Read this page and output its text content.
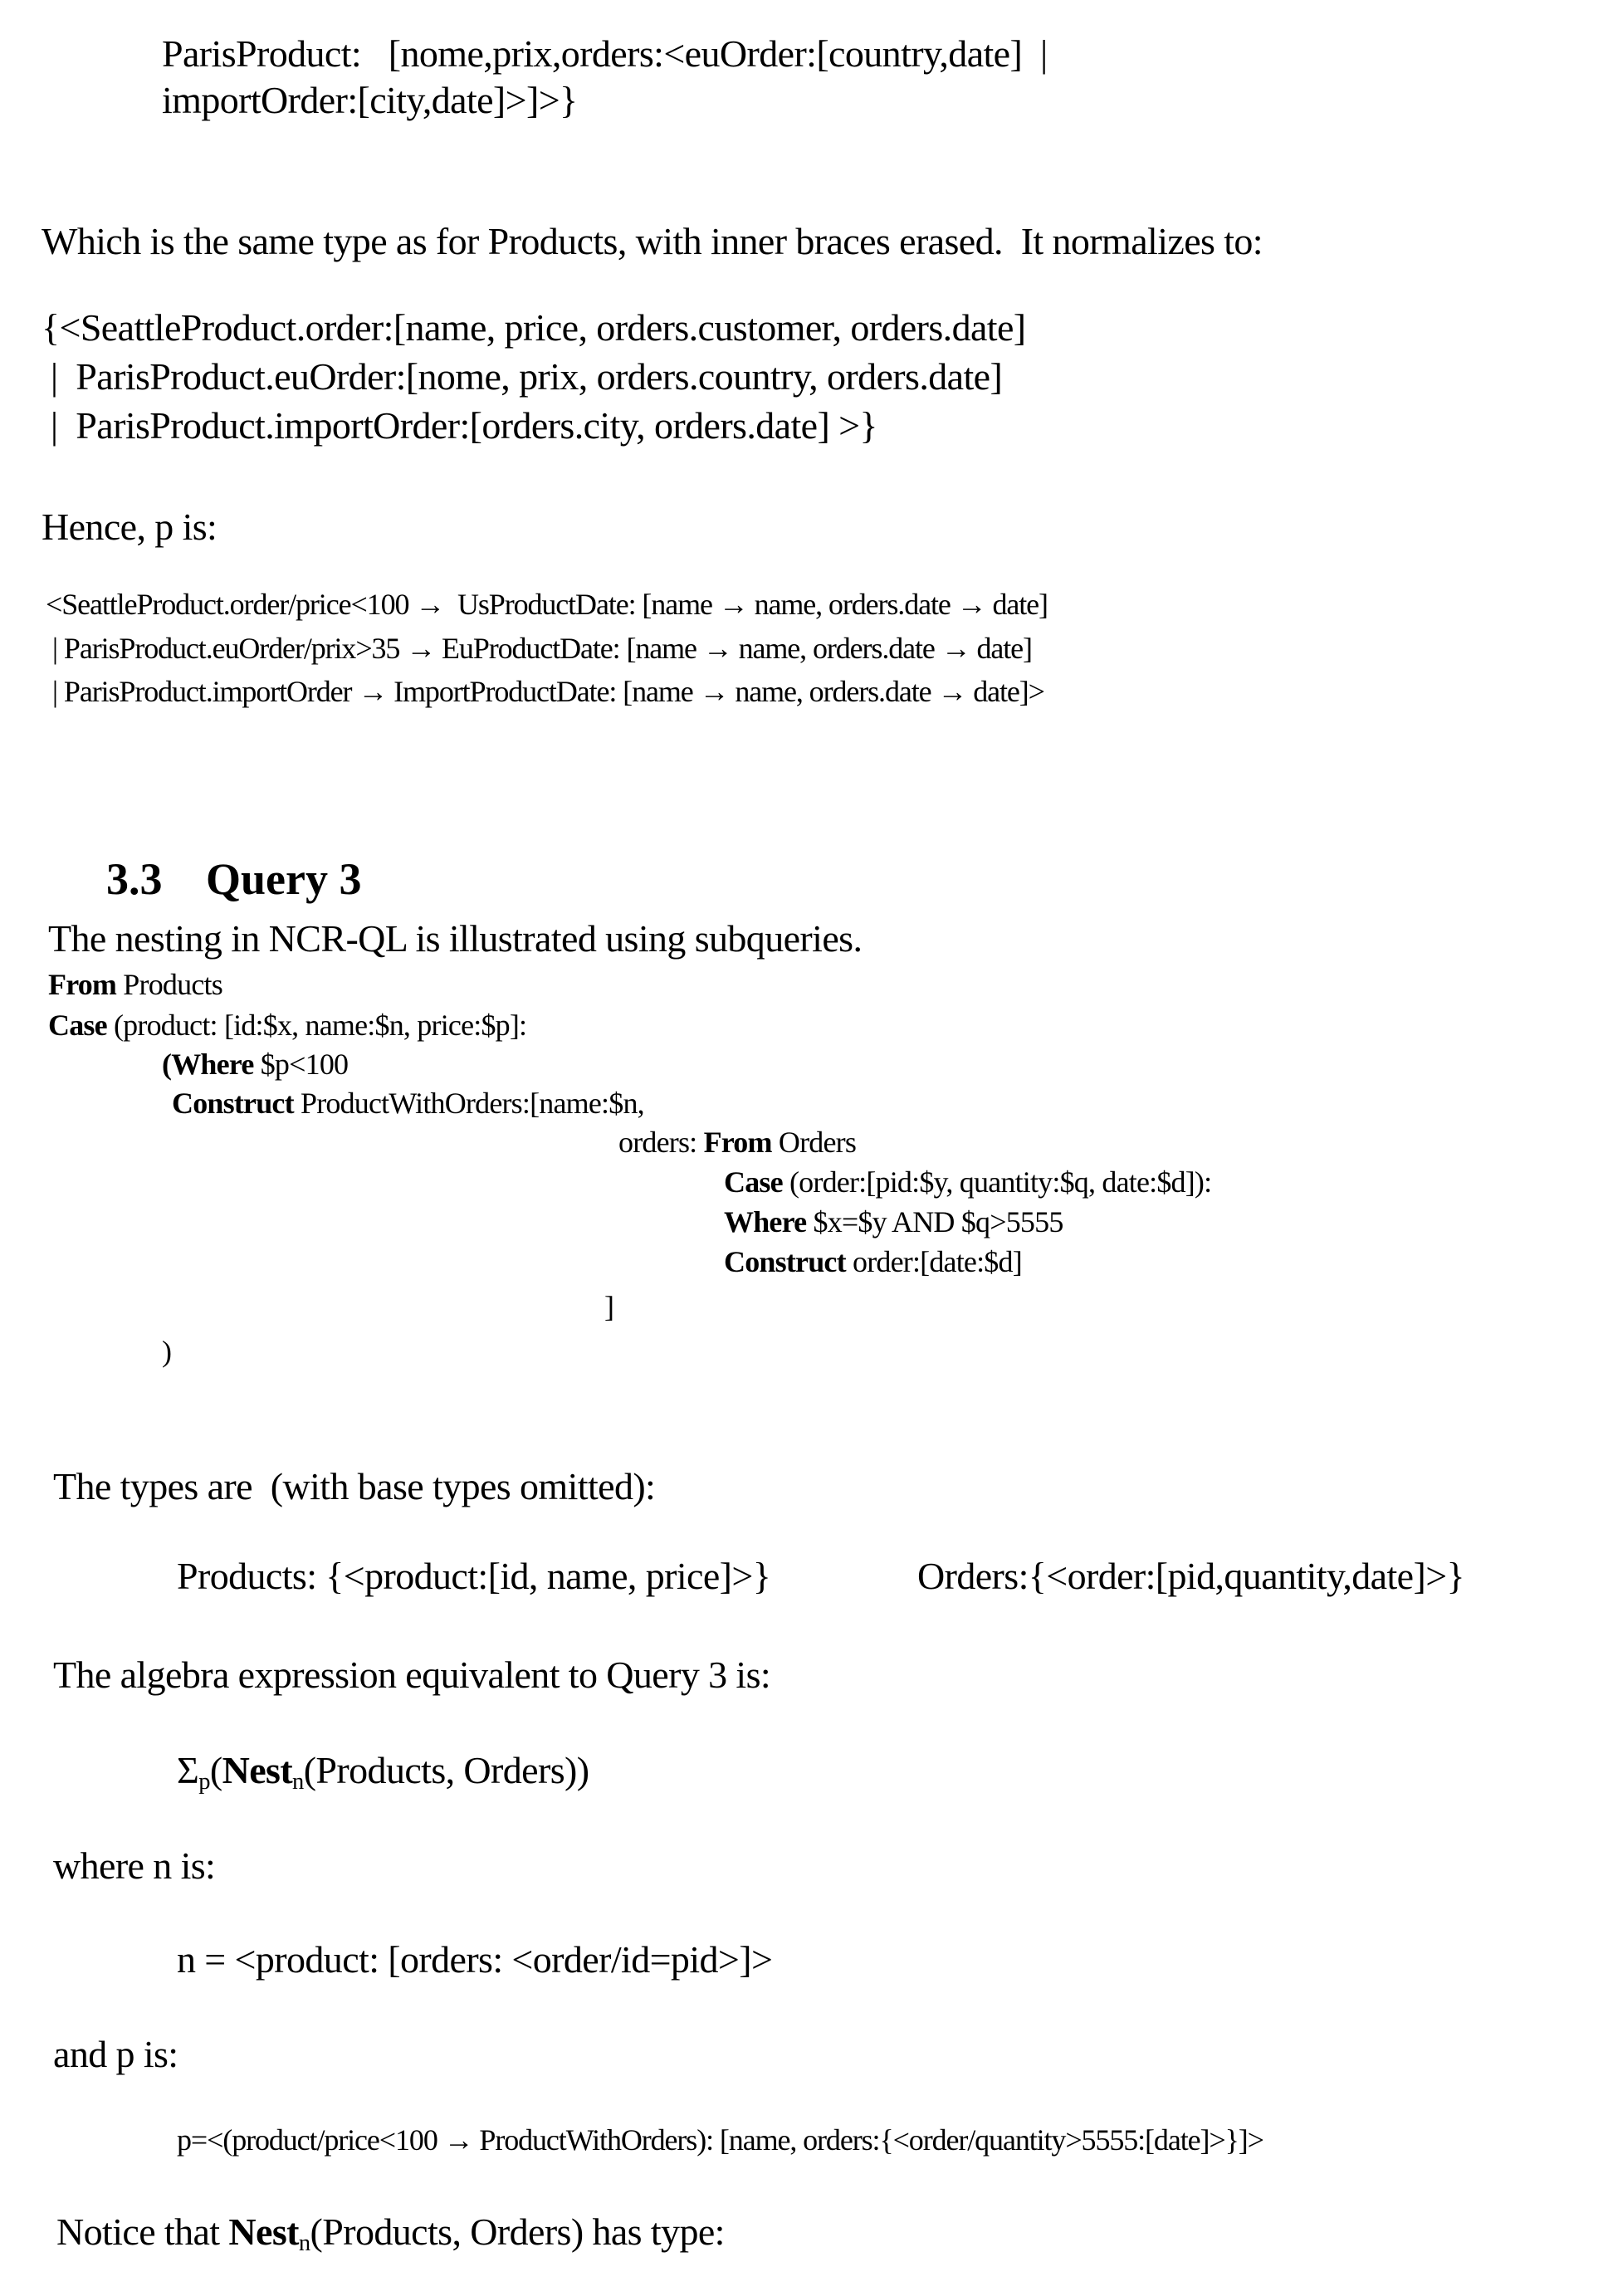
ParisProduct:   [nome,prix,orders:<euOrder:[country,date]  |
importOrder:[city,date]>]>}
Which is the same type as for Products, with inner braces erased.  It normalizes to:
{<SeattleProduct.order:[name, price, orders.customer, orders.date]
|  ParisProduct.euOrder:[nome, prix, orders.country, orders.date]
|  ParisProduct.importOrder:[orders.city, orders.date] >}
Hence, p is:
<SeattleProduct.order/price<100 →  UsProductDate: [name → name, orders.date → date]
| ParisProduct.euOrder/prix>35 → EuProductDate: [name → name, orders.date → date]
| ParisProduct.importOrder → ImportProductDate: [name → name, orders.date → date]>
3.3 Query 3
The nesting in NCR-QL is illustrated using subqueries.
From Products
Case (product: [id:$x, name:$n, price:$p]:
(Where $p<100
Construct ProductWithOrders:[name:$n,
orders: From Orders
Case (order:[pid:$y, quantity:$q, date:$d]):
Where $x=$y AND $q>5555
Construct order:[date:$d]
]
)
The types are  (with base types omitted):
Products: {<product:[id, name, price]>}	Orders:{<order:[pid,quantity,date]>}
The algebra expression equivalent to Query 3 is:
$\Sigma_p(Nest_n(Products$, Orders))
where n is:
n = <product: [orders: <order/id=pid>]>
and p is:
p=<(product/price<100 → ProductWithOrders): [name, orders:{<order/quantity>5555:[date]>}]>
Notice that Nest$_n$(Products, Orders) has type:
